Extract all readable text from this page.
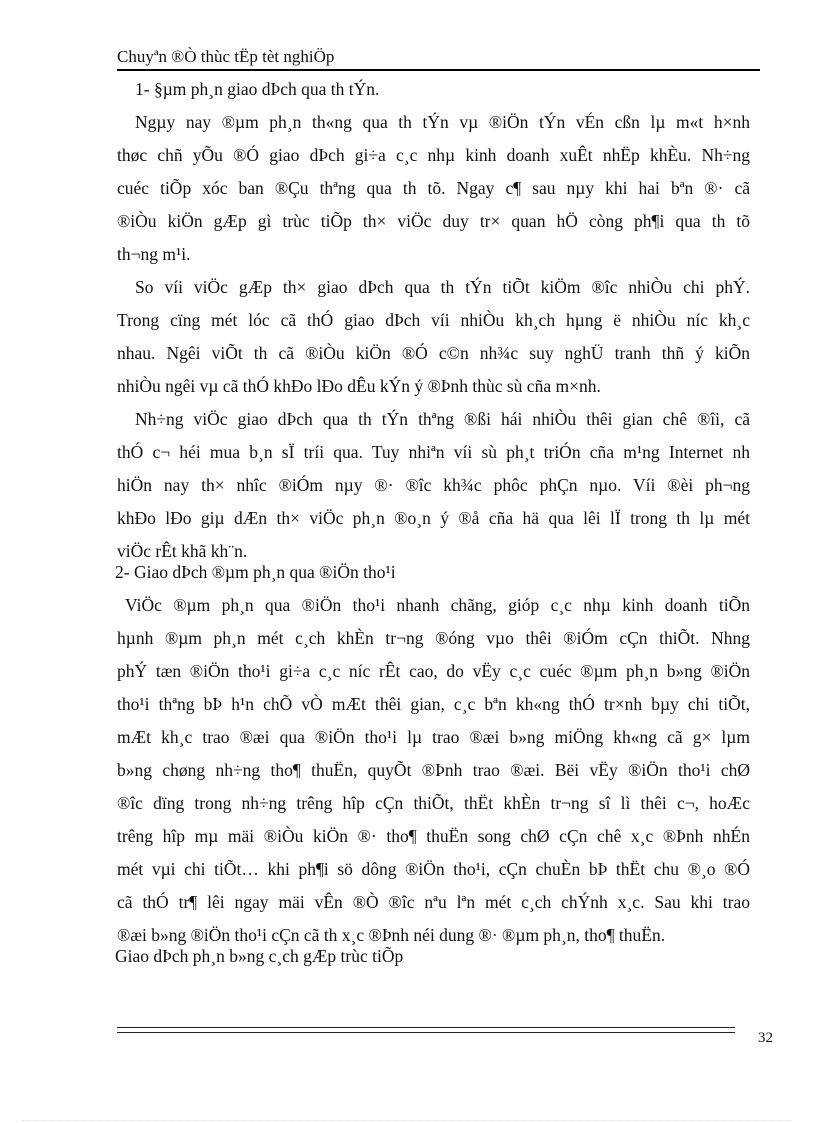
Chuyªn ®Ò thùc tËp tèt nghiÖp
1- §µm ph¸n giao dÞch qua th tÝn.
Ngµy nay ®µm ph¸n th«ng qua th tÝn vµ ®iÖn tÝn vÉn cßn lµ m«t h×nh
thøc chñ yÕu ®Ó giao dÞch gi÷a c¸c nhµ kinh doanh xuÊt nhËp khÈu. Nh÷ng
cuéc tiÕp xóc ban ®Çu thªng qua th tõ. Ngay c¶ sau nµy khi hai bªn ®· cã
®iÒu kiÖn gÆp gì trùc tiÕp th× viÖc duy tr× quan hÖ còng ph¶i qua th tõ
th¬ng m¹i.
So víi viÖc gÆp th× giao dÞch qua th tÝn tiÕt kiÖm ®îc nhiÒu chi phÝ.
Trong cïng mét lóc cã thÓ giao dÞch víi nhiÒu kh¸ch hµng ë nhiÒu níc kh¸c
nhau. Ngêi viÕt th cã ®iÒu kiÖn ®Ó c©n nh¾c suy nghÜ tranh thñ ý kiÕn
nhiÒu ngêi vµ cã thÓ khÐo lÐo dÊu kÝn ý ®Þnh thùc sù cña m×nh.
Nh÷ng viÖc giao dÞch qua th tÝn thªng ®ßi hái nhiÒu thêi gian chê ®îi, cã
thÓ c¬ héi mua b¸n sÏ tríi qua. Tuy nhiªn víi sù ph¸t triÓn cña m¹ng Internet nh
hiÖn nay th× nhîc ®iÓm nµy ®· ®îc kh¾c phôc phÇn nµo. Víi ®èi ph¬ng
khÐo lÐo giµ dÆn th× viÖc ph¸n ®o¸n ý ®å cña hä qua lêi lÏ trong th lµ mét
viÖc rÊt khã kh¨n.
2- Giao dÞch ®µm ph¸n qua ®iÖn tho¹i
ViÖc ®µm ph¸n qua ®iÖn tho¹i nhanh chãng, gióp c¸c nhµ kinh doanh tiÕn
hµnh ®µm ph¸n mét c¸ch khÈn tr¬ng ®óng vµo thêi ®iÓm cÇn thiÕt. Nhng
phÝ tæn ®iÖn tho¹i gi÷a c¸c níc rÊt cao, do vËy c¸c cuéc ®µm ph¸n b»ng ®iÖn
tho¹i thªng bÞ h¹n chÕ vÒ mÆt thêi gian, c¸c bªn kh«ng thÓ tr×nh bµy chi tiÕt,
mÆt kh¸c trao ®æi qua ®iÖn tho¹i lµ trao ®æi b»ng miÖng kh«ng cã g× lµm
b»ng chøng nh÷ng tho¶ thuËn, quyÕt ®Þnh trao ®æi. Bëi vËy ®iÖn tho¹i chØ
®îc dïng trong nh÷ng trêng hîp cÇn thiÕt, thËt khÈn tr¬ng sî lì thêi c¬, hoÆc
trêng hîp mµ mäi ®iÒu kiÖn ®· tho¶ thuËn song chØ cÇn chê x¸c ®Þnh nhÉn
mét vµi chi tiÕt… khi ph¶i sö dông ®iÖn tho¹i, cÇn chuÈn bÞ thËt chu ®¸o ®Ó
cã thÓ tr¶ lêi ngay mäi vÊn ®Ò ®îc nªu lªn mét c¸ch chÝnh x¸c. Sau khi trao
®æi b»ng ®iÖn tho¹i cÇn cã th x¸c ®Þnh néi dung ®· ®µm ph¸n, tho¶ thuËn.
Giao dÞch ph¸n b»ng c¸ch gÆp trùc tiÕp
32
